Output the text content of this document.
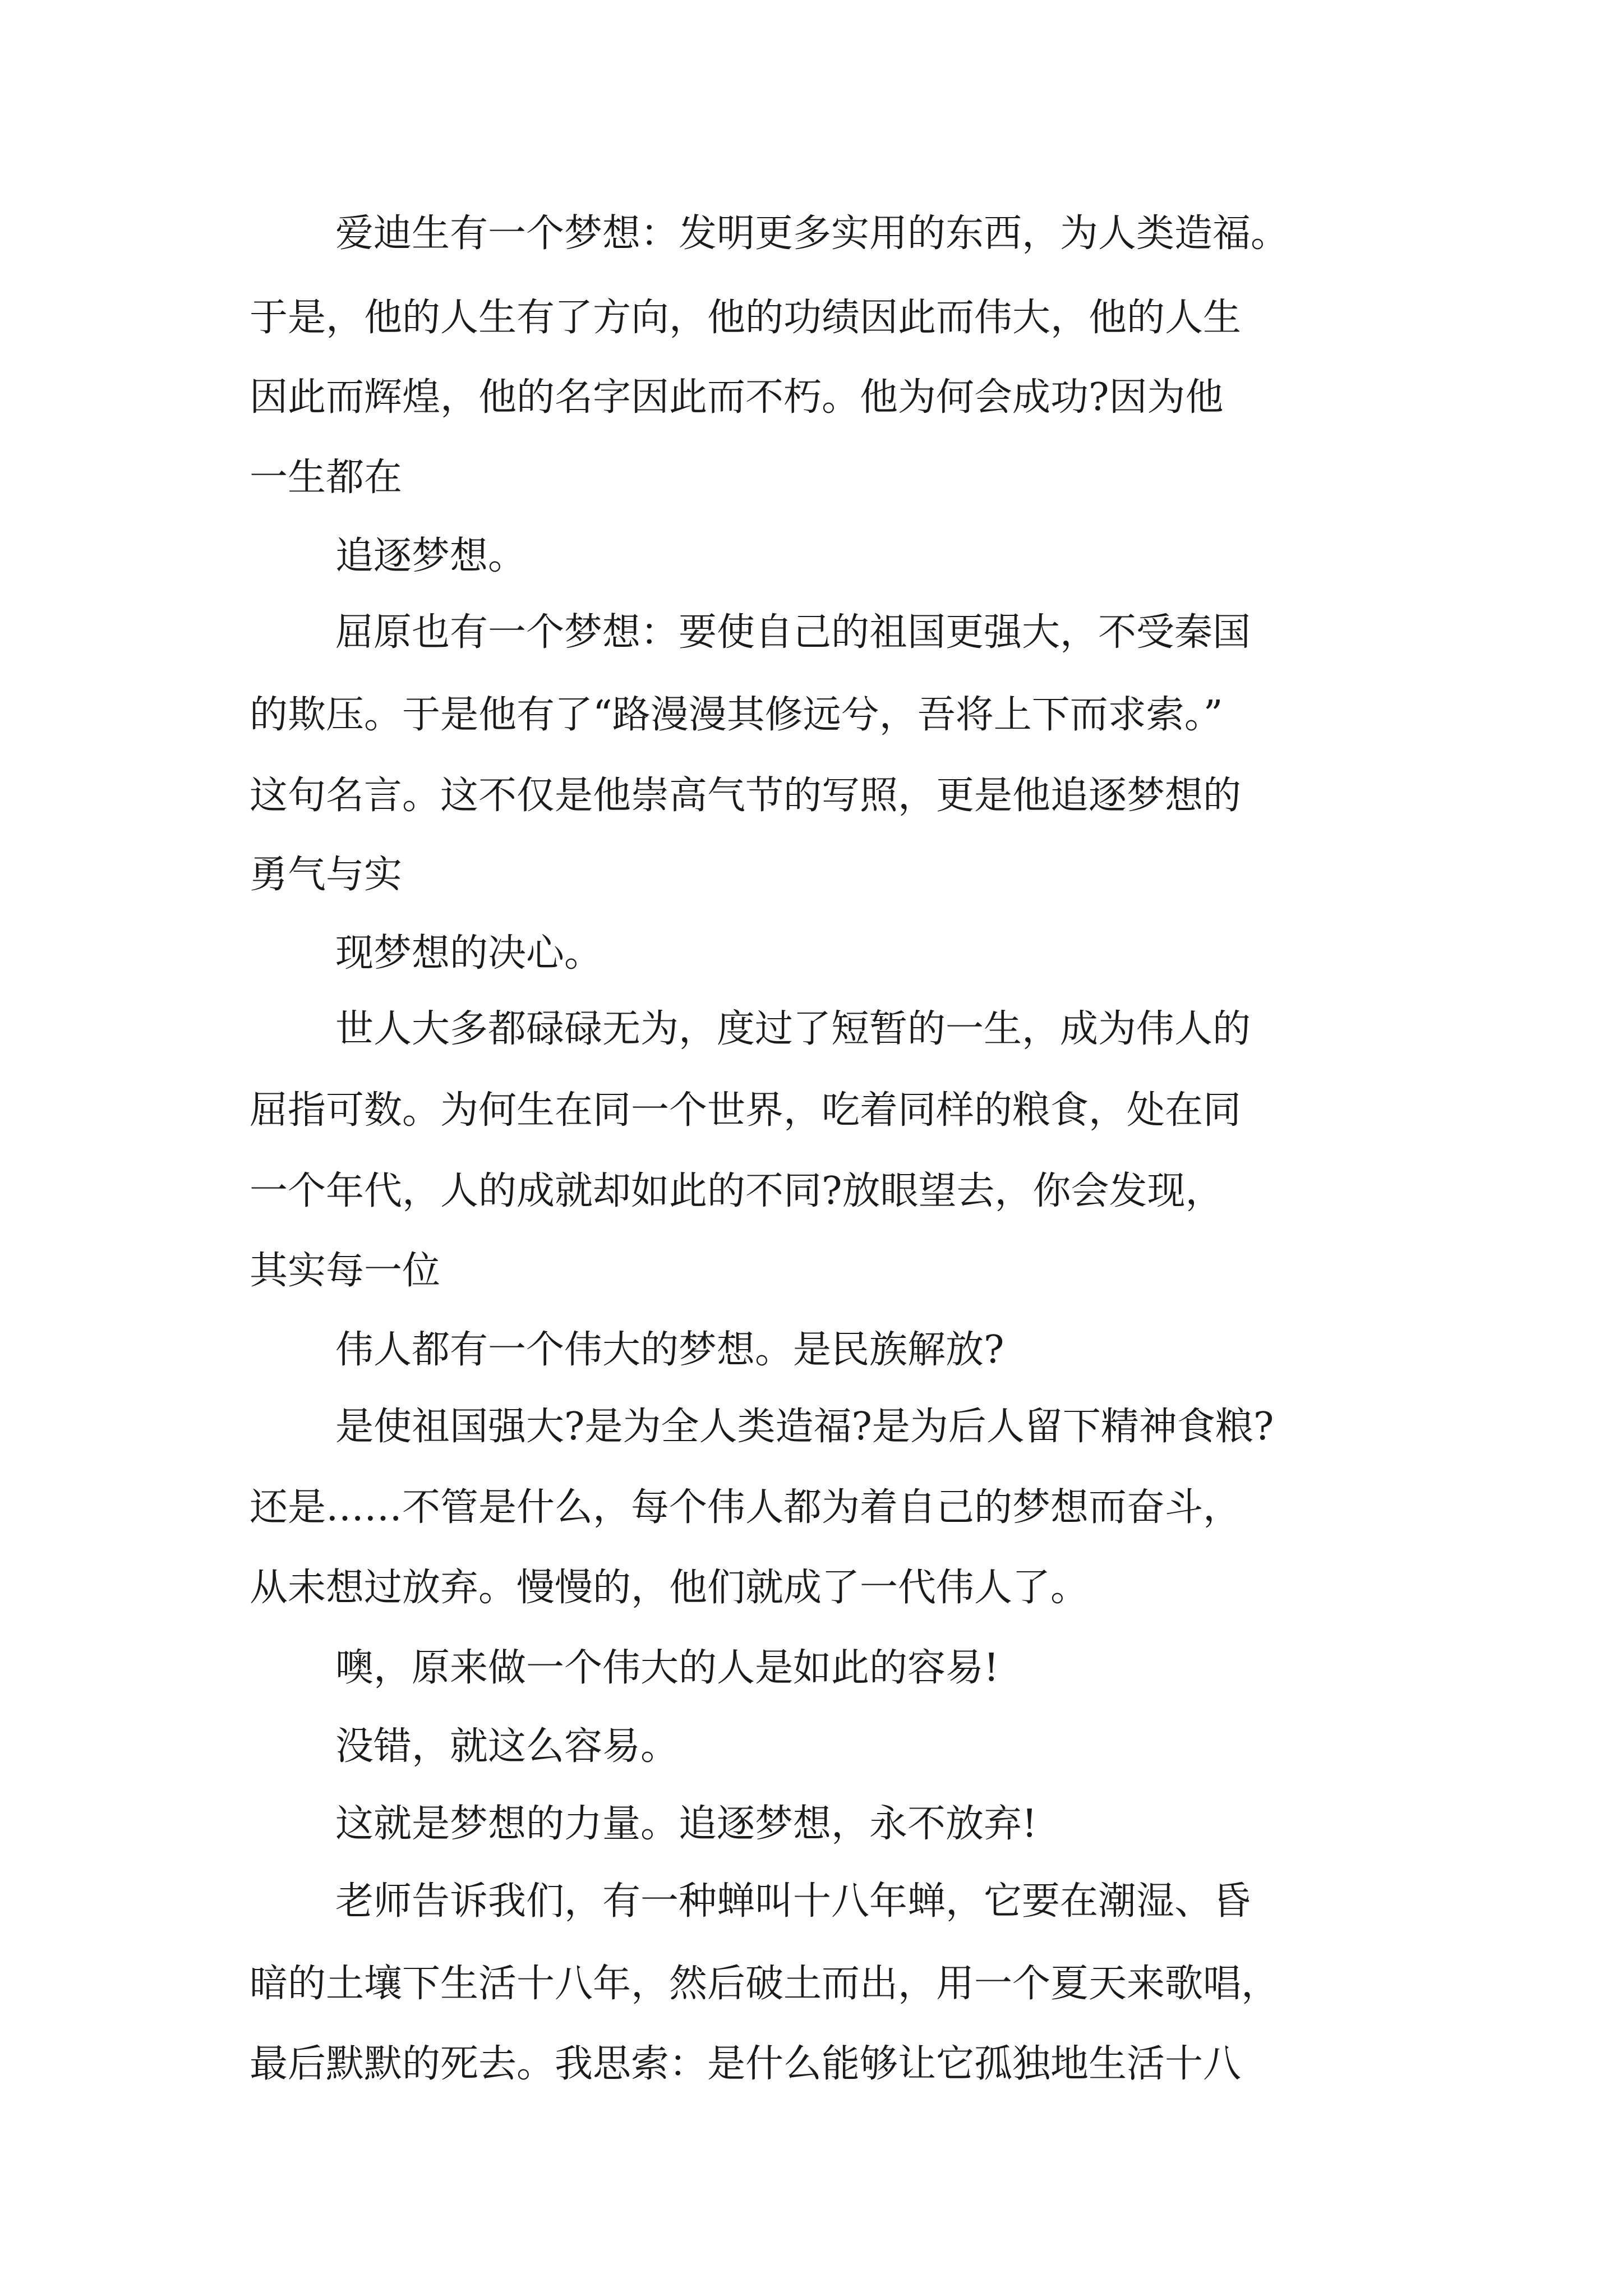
爱迪生有一个梦想：发明更多实用的东西，为人类造福。
于是，他的人生有了方向，他的功绩因此而伟大，他的人生
因此而辉煌，他的名字因此而不朽。他为何会成功?因为他
一生都在
追逐梦想。
屈原也有一个梦想：要使自己的祖国更强大，不受秦国
的欺压。于是他有了“路漫漫其修远兮，吾将上下而求索。”
这句名言。这不仅是他崇高气节的写照，更是他追逐梦想的
勇气与实
现梦想的决心。
世人大多都碌碌无为，度过了短暂的一生，成为伟人的
屈指可数。为何生在同一个世界，吃着同样的粮食，处在同
一个年代，人的成就却如此的不同?放眼望去，你会发现，
其实每一位
伟人都有一个伟大的梦想。是民族解放?
是使祖国强大?是为全人类造福?是为后人留下精神食粮?
还是……不管是什么，每个伟人都为着自己的梦想而奋斗，
从未想过放弃。慢慢的，他们就成了一代伟人了。
噢，原来做一个伟大的人是如此的容易!
没错，就这么容易。
这就是梦想的力量。追逐梦想，永不放弃!
老师告诉我们，有一种蝉叫十八年蝉，它要在潮湿、昏
暗的土壤下生活十八年，然后破土而出，用一个夏天来歌唱，
最后默默的死去。我思索：是什么能够让它孤独地生活十八
